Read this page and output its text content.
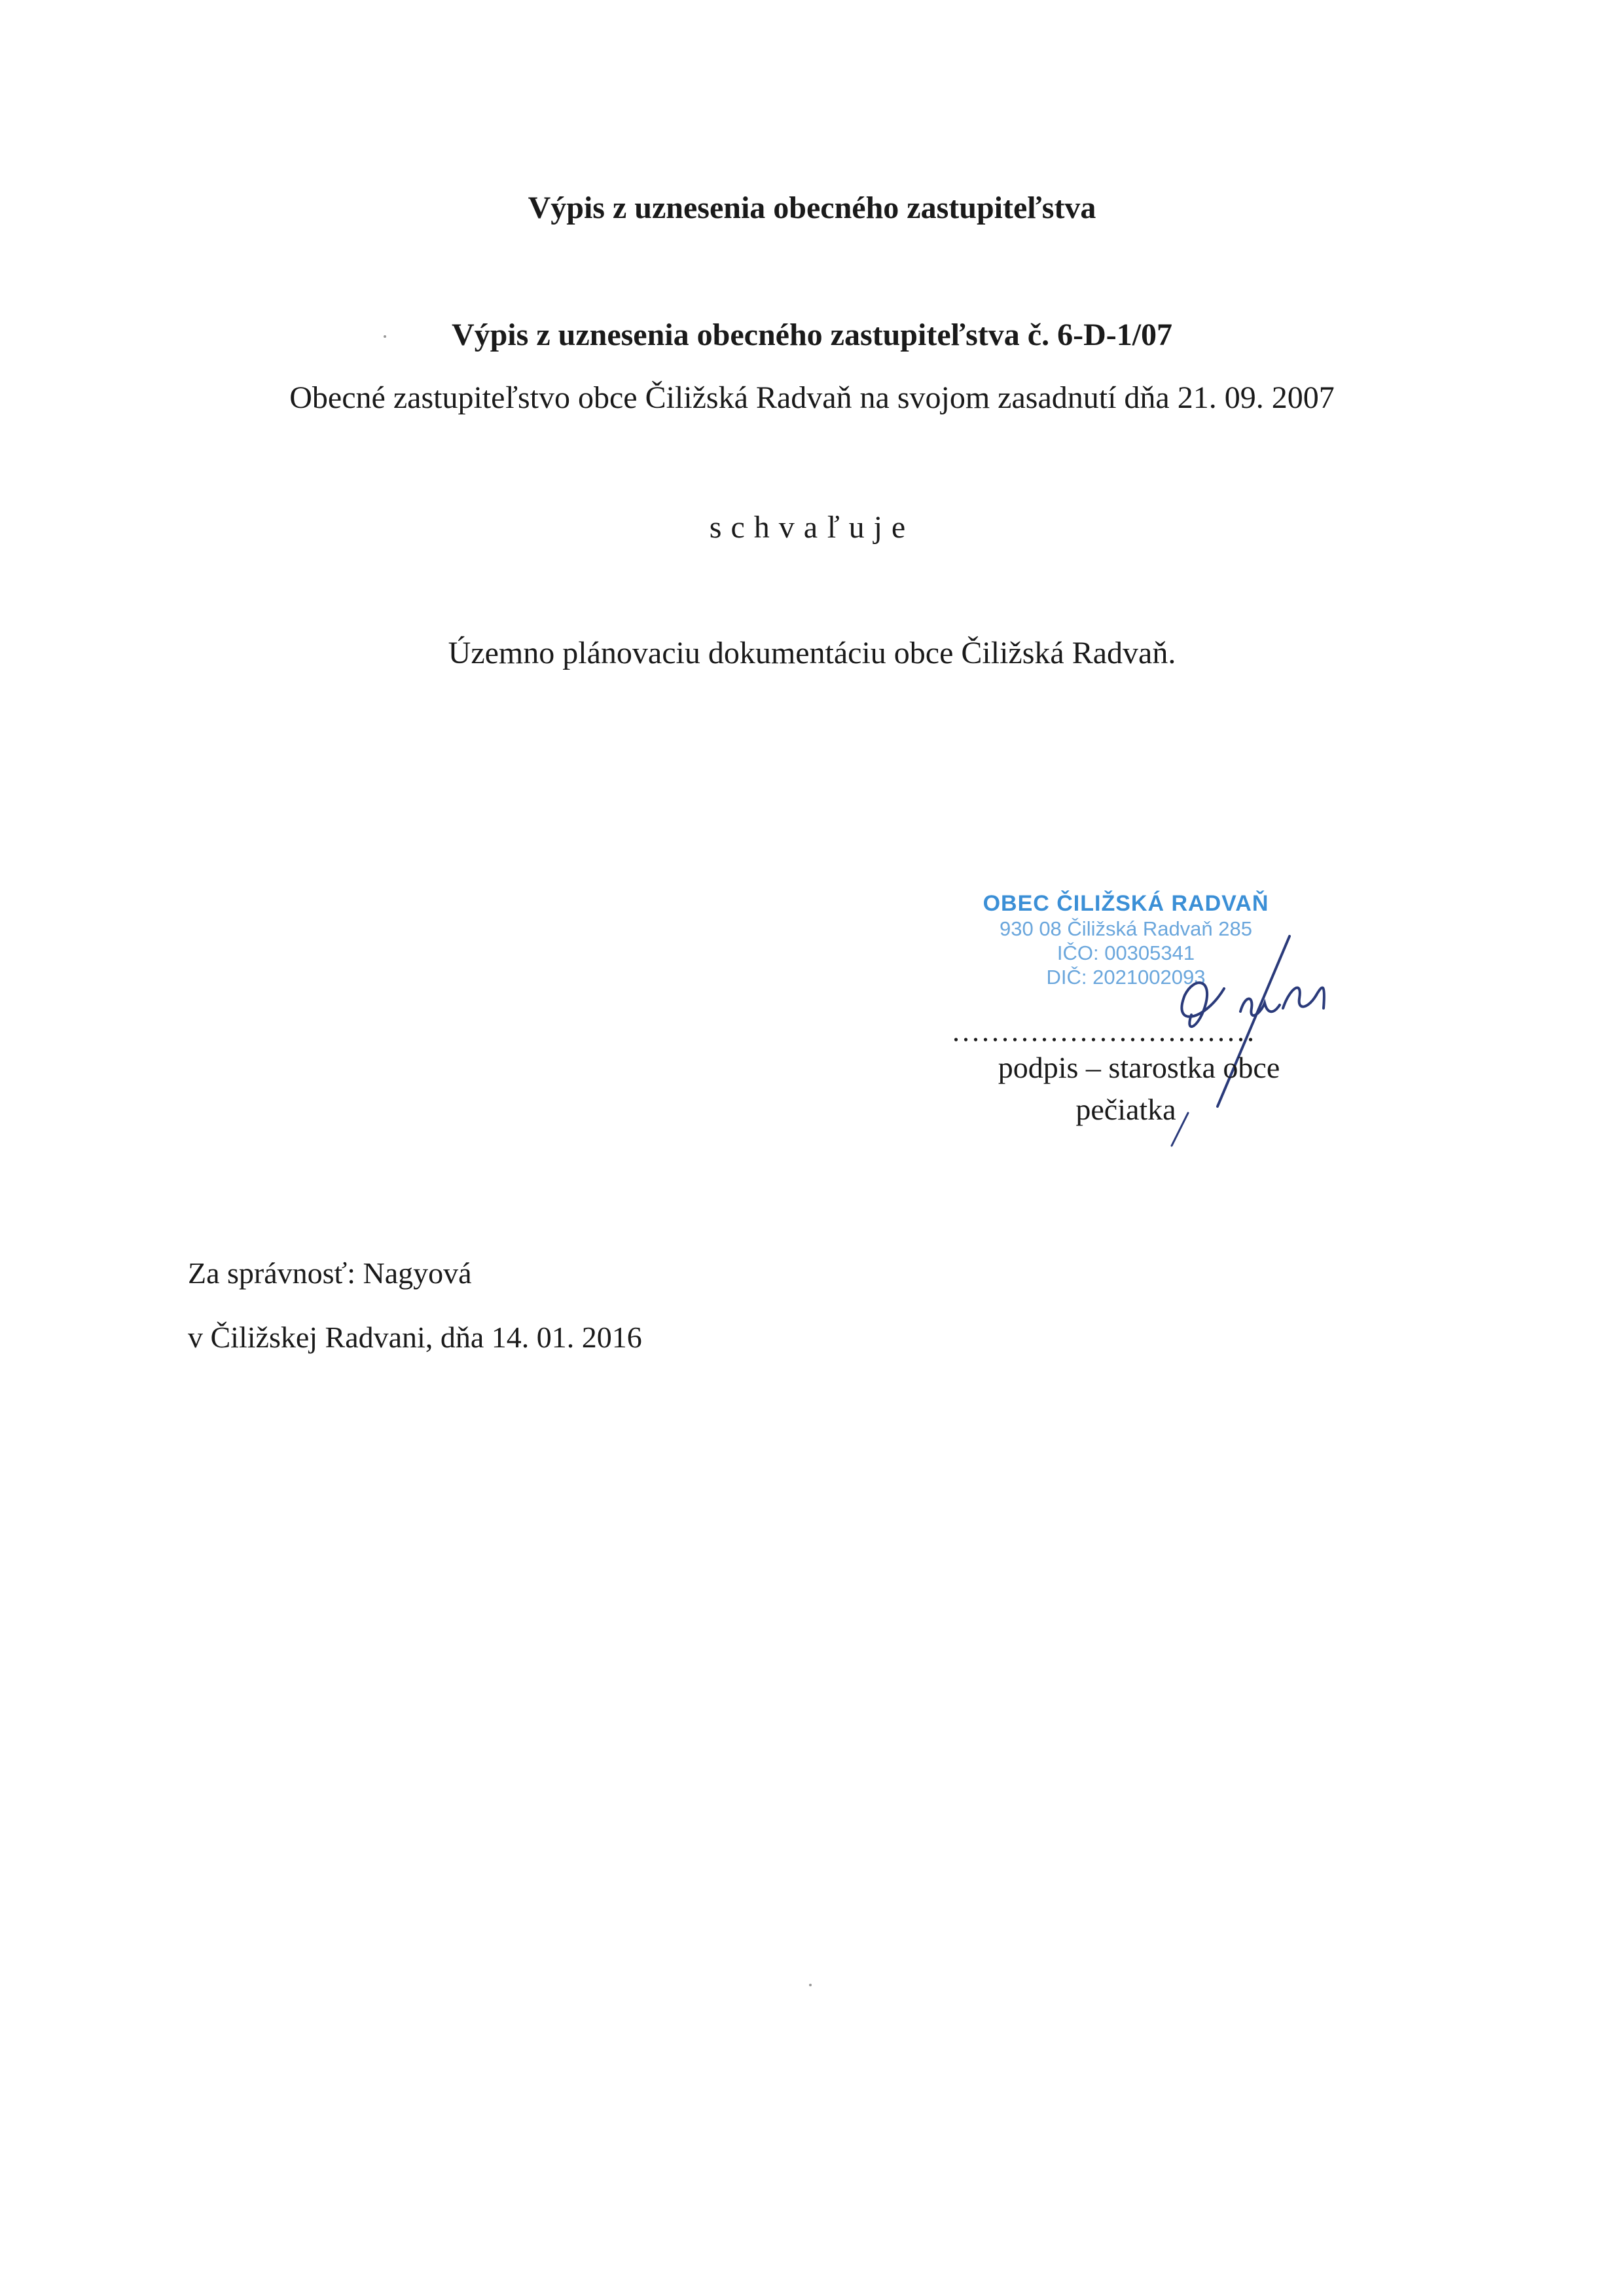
Výpis z uznesenia obecného zastupiteľstva
Výpis z uznesenia obecného zastupiteľstva č. 6-D-1/07
Obecné zastupiteľstvo obce Čiližská Radvaň na svojom zasadnutí dňa 21. 09. 2007
schvaľuje
Územno plánovaciu dokumentáciu obce Čiližská Radvaň.
OBEC ČILIŽSKÁ RADVAŇ
930 08 Čiližská Radvaň 285
IČO: 00305341
DIČ: 2021002093
...............................
podpis – starostka obce
pečiatka
Za správnosť: Nagyová
v Čiližskej Radvani, dňa 14. 01. 2016
